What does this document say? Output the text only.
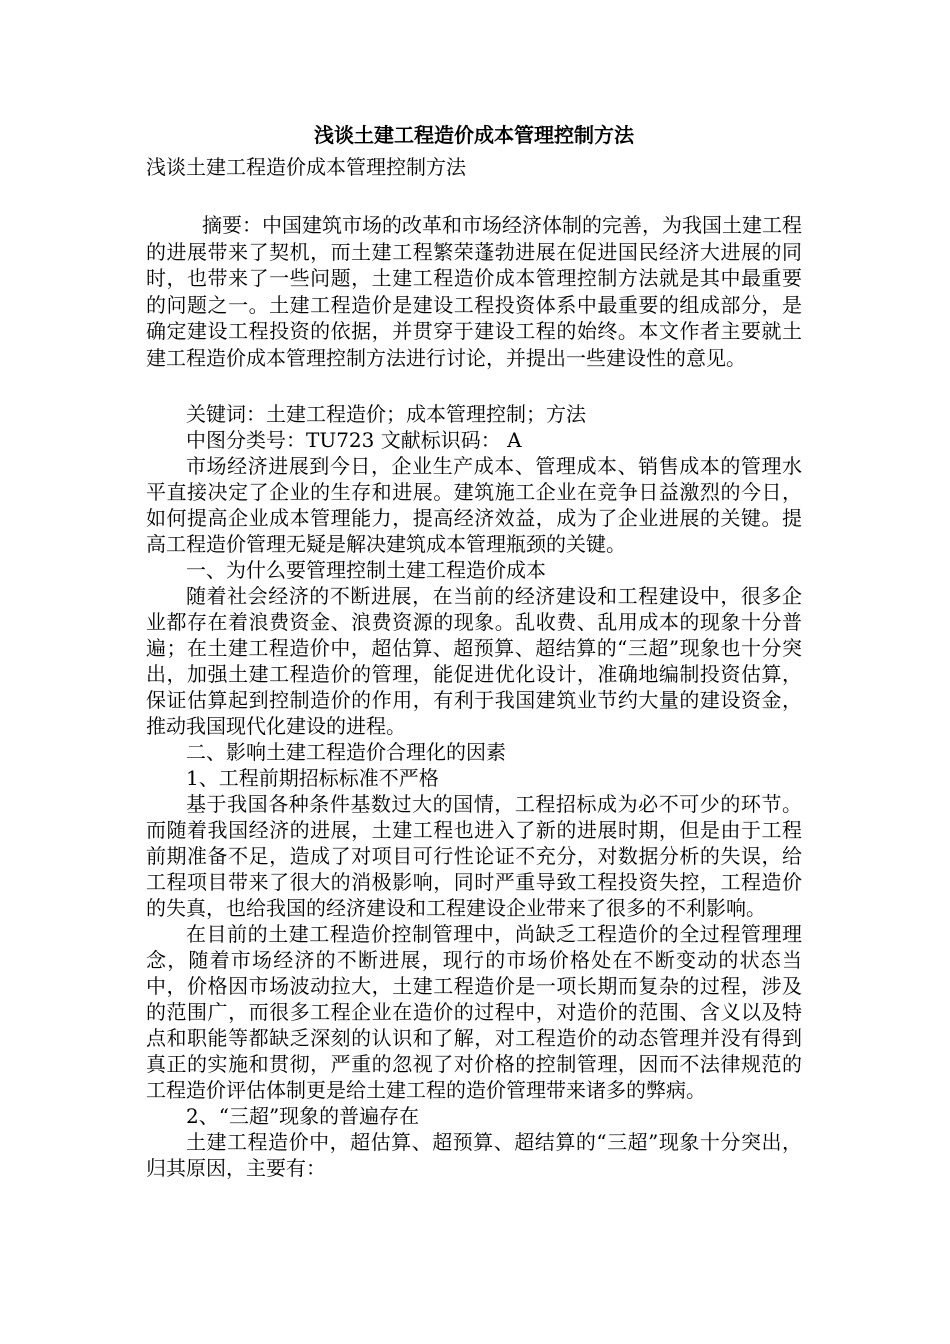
浅谈土建工程造价成本管理控制方法
浅谈土建工程造价成本管理控制方法

摘要：中国建筑市场的改革和市场经济体制的完善，为我国土建工程的进展带来了契机，而土建工程繁荣蓬勃进展在促进国民经济大进展的同时，也带来了一些问题，土建工程造价成本管理控制方法就是其中最重要的问题之一。土建工程造价是建设工程投资体系中最重要的组成部分，是确定建设工程投资的依据，并贯穿于建设工程的始终。本文作者主要就土建工程造价成本管理控制方法进行讨论，并提出一些建设性的意见。

关键词：土建工程造价；成本管理控制；方法

中图分类号：TU723 文献标识码： A

市场经济进展到今日，企业生产成本、管理成本、销售成本的管理水平直接决定了企业的生存和进展。建筑施工企业在竞争日益激烈的今日，如何提高企业成本管理能力，提高经济效益，成为了企业进展的关键。提高工程造价管理无疑是解决建筑成本管理瓶颈的关键。

一、为什么要管理控制土建工程造价成本

随着社会经济的不断进展，在当前的经济建设和工程建设中，很多企业都存在着浪费资金、浪费资源的现象。乱收费、乱用成本的现象十分普遍；在土建工程造价中，超估算、超预算、超结算的“三超”现象也十分突出，加强土建工程造价的管理，能促进优化设计，准确地编制投资估算，保证估算起到控制造价的作用，有利于我国建筑业节约大量的建设资金，推动我国现代化建设的进程。

二、影响土建工程造价合理化的因素

1、工程前期招标标准不严格

基于我国各种条件基数过大的国情，工程招标成为必不可少的环节。而随着我国经济的进展，土建工程也进入了新的进展时期，但是由于工程前期准备不足，造成了对项目可行性论证不充分，对数据分析的失误，给工程项目带来了很大的消极影响，同时严重导致工程投资失控，工程造价的失真，也给我国的经济建设和工程建设企业带来了很多的不利影响。

在目前的土建工程造价控制管理中，尚缺乏工程造价的全过程管理理念，随着市场经济的不断进展，现行的市场价格处在不断变动的状态当中，价格因市场波动拉大，土建工程造价是一项长期而复杂的过程，涉及的范围广，而很多工程企业在造价的过程中，对造价的范围、含义以及特点和职能等都缺乏深刻的认识和了解，对工程造价的动态管理并没有得到真正的实施和贯彻，严重的忽视了对价格的控制管理，因而不法律规范的工程造价评估体制更是给土建工程的造价管理带来诸多的弊病。

2、“三超”现象的普遍存在

土建工程造价中，超估算、超预算、超结算的“三超”现象十分突出，归其原因，主要有：
